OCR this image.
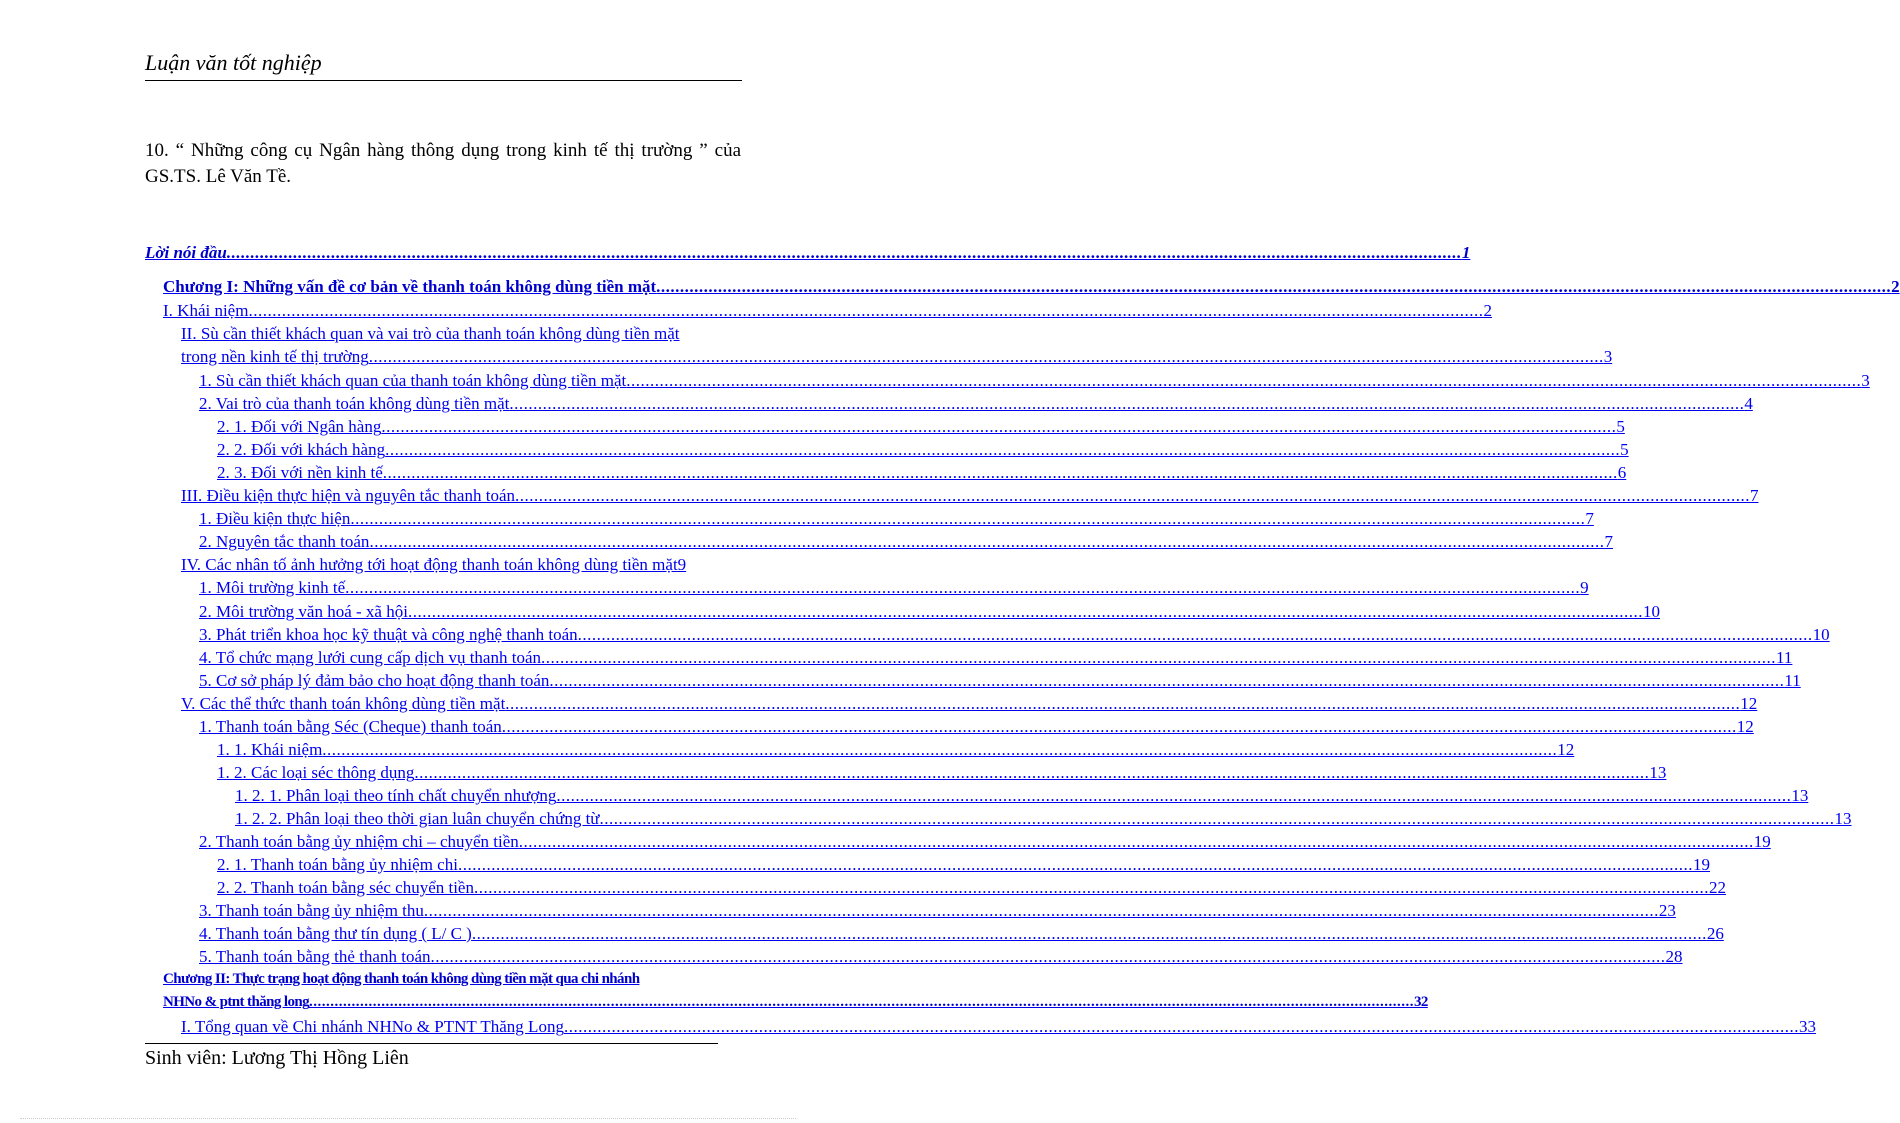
Luận văn tốt nghiệp
10. “ Những công cụ Ngân hàng thông dụng trong kinh tế thị trường ” của GS.TS. Lê Văn Tề.
Lời nói đầu .................................................................................................................................................................................................................................................................... 1
Chương I: Những vấn đề cơ bản về thanh toán không dùng tiền mặt .................................................................................................................................................................................................................................................................... 2
I. Khái niệm .................................................................................................................................................................................................................................................................... 2
II. Sù cần thiết khách quan và vai trò của thanh toán không dùng tiền mặt
trong nền kinh tế thị trường .................................................................................................................................................................................................................................................................... 3
1. Sù cần thiết khách quan của thanh toán không dùng tiền mặt .................................................................................................................................................................................................................................................................... 3
2. Vai trò của thanh toán không dùng tiền mặt .................................................................................................................................................................................................................................................................... 4
2. 1. Đối với Ngân hàng .................................................................................................................................................................................................................................................................... 5
2. 2. Đối với khách hàng .................................................................................................................................................................................................................................................................... 5
2. 3. Đối với nền kinh tế .................................................................................................................................................................................................................................................................... 6
III. Điều kiện thực hiện và nguyên tắc thanh toán .................................................................................................................................................................................................................................................................... 7
1. Điều kiện thực hiện .................................................................................................................................................................................................................................................................... 7
2. Nguyên tắc thanh toán .................................................................................................................................................................................................................................................................... 7
IV. Các nhân tố ảnh hưởng tới hoạt động thanh toán không dùng tiền mặt 9
1. Môi trường kinh tế .................................................................................................................................................................................................................................................................... 9
2. Môi trường văn hoá - xã hội .................................................................................................................................................................................................................................................................... 10
3. Phát triển khoa học kỹ thuật và công nghệ thanh toán .................................................................................................................................................................................................................................................................... 10
4. Tổ chức mạng lưới cung cấp dịch vụ thanh toán .................................................................................................................................................................................................................................................................... 11
5. Cơ sở pháp lý đảm bảo cho hoạt động thanh toán .................................................................................................................................................................................................................................................................... 11
V. Các thể thức thanh toán không dùng tiền mặt .................................................................................................................................................................................................................................................................... 12
1. Thanh toán bằng Séc (Cheque) thanh toán .................................................................................................................................................................................................................................................................... 12
1. 1. Khái niệm .................................................................................................................................................................................................................................................................... 12
1. 2. Các loại séc thông dụng .................................................................................................................................................................................................................................................................... 13
1. 2. 1. Phân loại theo tính chất chuyển nhượng .................................................................................................................................................................................................................................................................... 13
1. 2. 2. Phân loại theo thời gian luân chuyển chứng từ .................................................................................................................................................................................................................................................................... 13
2. Thanh toán bằng ủy nhiệm chi – chuyển tiền .................................................................................................................................................................................................................................................................... 19
2. 1. Thanh toán bằng ủy nhiệm chi .................................................................................................................................................................................................................................................................... 19
2. 2. Thanh toán bằng séc chuyển tiền .................................................................................................................................................................................................................................................................... 22
3. Thanh toán bằng ủy nhiệm thu .................................................................................................................................................................................................................................................................... 23
4. Thanh toán bằng thư tín dụng ( L/ C ) .................................................................................................................................................................................................................................................................... 26
5. Thanh toán bằng thẻ thanh toán .................................................................................................................................................................................................................................................................... 28
Chương II: Thực trạng hoạt động thanh toán không dùng tiền mặt qua chi nhánh
NHNo & ptnt thăng long .................................................................................................................................................................................................................................................................... 32
I. Tổng quan về Chi nhánh NHNo & PTNT Thăng Long .................................................................................................................................................................................................................................................................... 33
Sinh viên: Lương Thị Hồng Liên
